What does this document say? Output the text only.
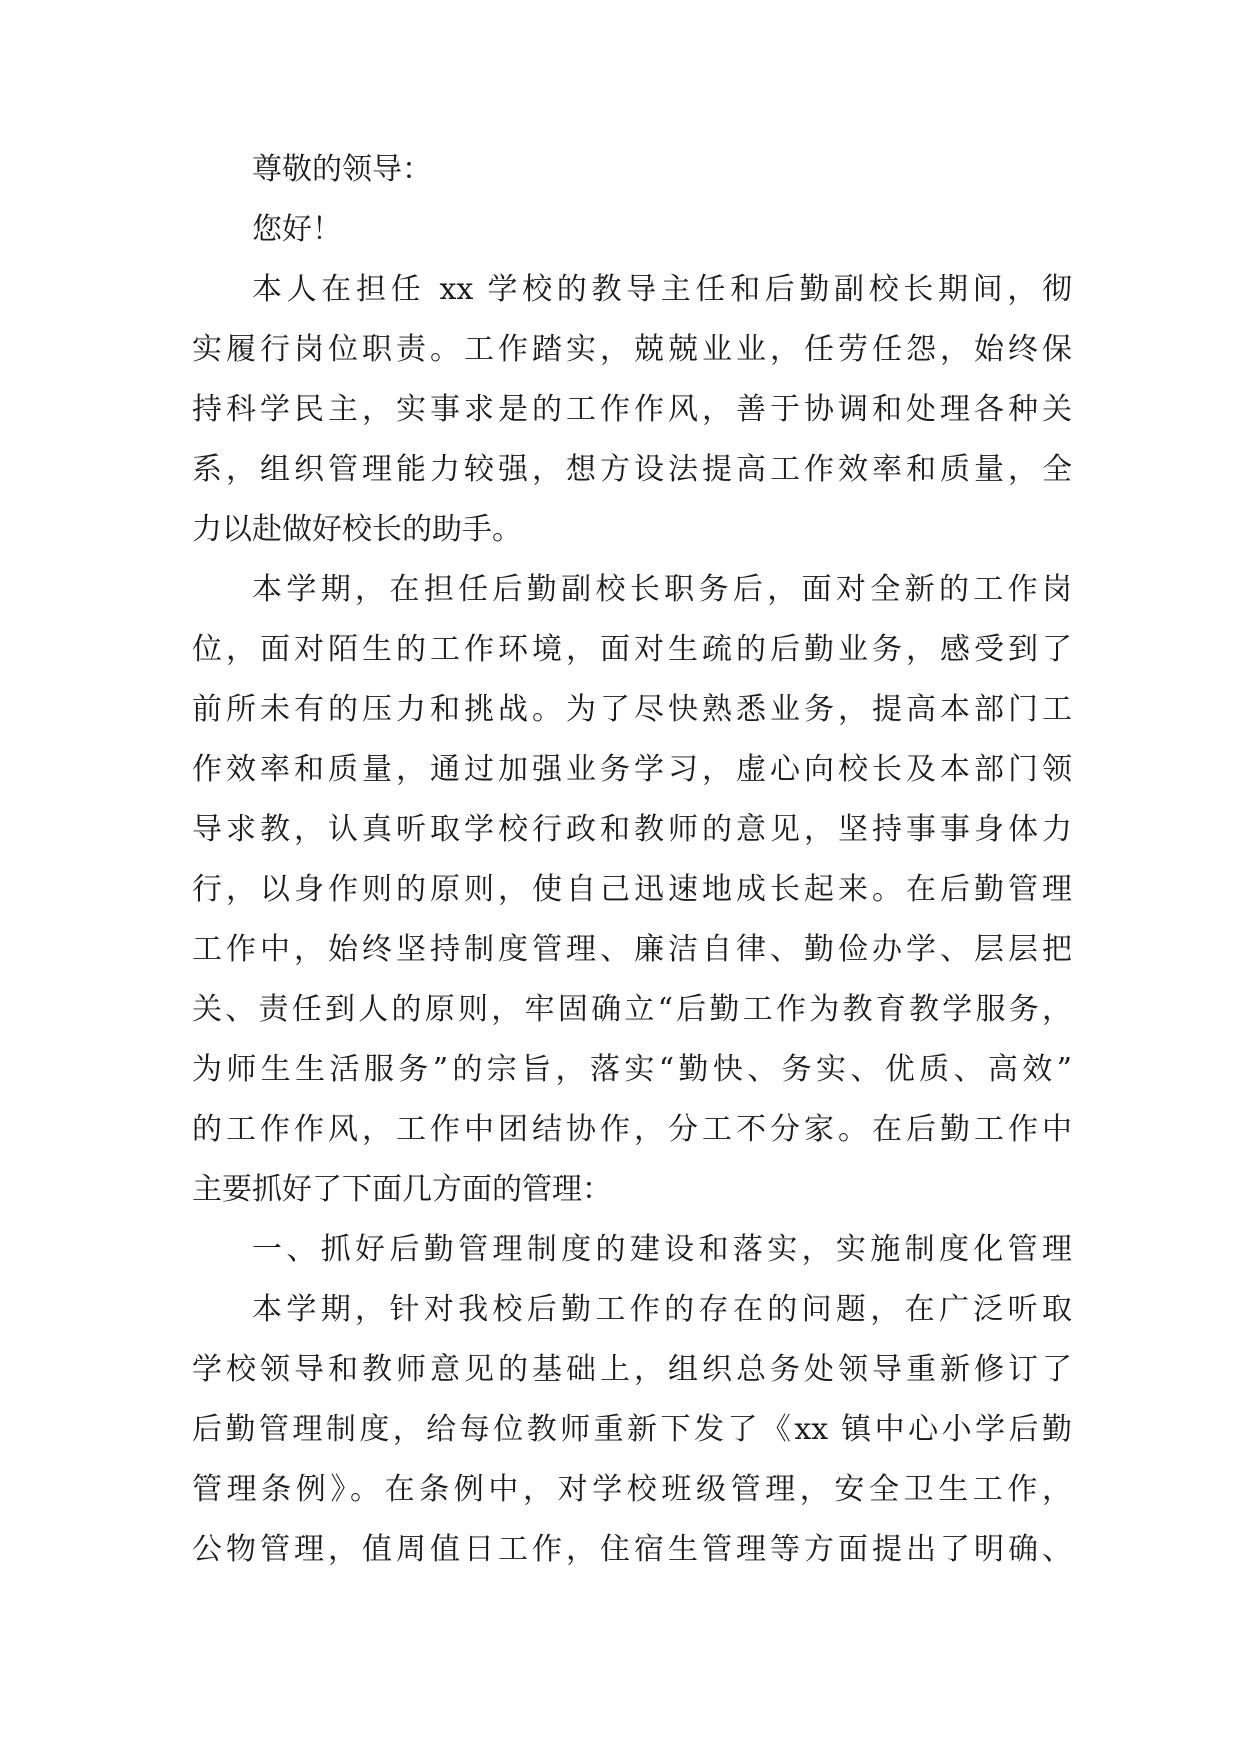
尊敬的领导：
您好！
本人在担任 xx 学校的教导主任和后勤副校长期间，彻
实履行岗位职责。工作踏实，兢兢业业，任劳任怨，始终保
持科学民主，实事求是的工作作风，善于协调和处理各种关
系，组织管理能力较强，想方设法提高工作效率和质量，全
力以赴做好校长的助手。
本学期，在担任后勤副校长职务后，面对全新的工作岗
位，面对陌生的工作环境，面对生疏的后勤业务，感受到了
前所未有的压力和挑战。为了尽快熟悉业务，提高本部门工
作效率和质量，通过加强业务学习，虚心向校长及本部门领
导求教，认真听取学校行政和教师的意见，坚持事事身体力
行，以身作则的原则，使自己迅速地成长起来。在后勤管理
工作中，始终坚持制度管理、廉洁自律、勤俭办学、层层把
关、责任到人的原则，牢固确立“后勤工作为教育教学服务，
为师生生活服务”的宗旨，落实“勤快、务实、优质、高效”
的工作作风，工作中团结协作，分工不分家。在后勤工作中
主要抓好了下面几方面的管理：
一、抓好后勤管理制度的建设和落实，实施制度化管理
本学期，针对我校后勤工作的存在的问题，在广泛听取
学校领导和教师意见的基础上，组织总务处领导重新修订了
后勤管理制度，给每位教师重新下发了《xx 镇中心小学后勤
管理条例》。在条例中，对学校班级管理，安全卫生工作，
公物管理，值周值日工作，住宿生管理等方面提出了明确、
